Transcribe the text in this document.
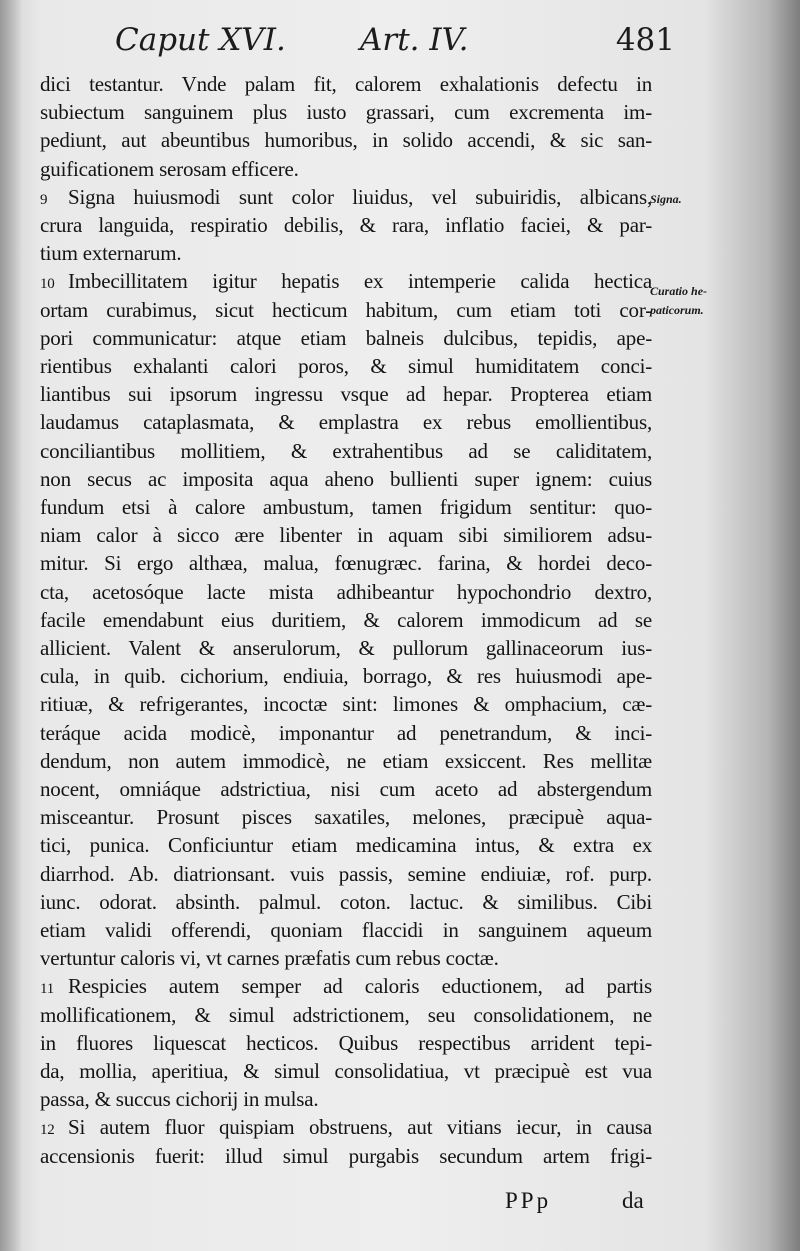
Caput XVI. Art. IV.	481
dici testantur. Vnde palam fit, calorem exhalationis defectu in
subiectum sanguinem plus iusto grassari, cum excrementa im-
pediunt, aut abeuntibus humoribus, in solido accendi, & sic san-
guificationem serosam efficere.
9 Signa huiusmodi sunt color liuidus, vel subuiridis, albicans,
crura languida, respiratio debilis, & rara, inflatio faciei, & par-
tium externarum.
10 Imbecillitatem igitur hepatis ex intemperie calida hectica
ortam curabimus, sicut hecticum habitum, cum etiam toti cor-
pori communicatur: atque etiam balneis dulcibus, tepidis, ape-
rientibus exhalanti calori poros, & simul humiditatem conci-
liantibus sui ipsorum ingressu vsque ad hepar. Propterea etiam
laudamus cataplasmata, & emplastra ex rebus emollientibus,
conciliantibus mollitiem, & extrahentibus ad se caliditatem,
non secus ac imposita aqua aheno bullienti super ignem: cuius
fundum etsi à calore ambustum, tamen frigidum sentitur: quo-
niam calor à sicco ære libenter in aquam sibi similiorem adsu-
mitur. Si ergo althæa, malua, fœnugræc. farina, & hordei deco-
cta, acetosóque lacte mista adhibeantur hypochondrio dextro,
facile emendabunt eius duritiem, & calorem immodicum ad se
allicient. Valent & anserulorum, & pullorum gallinaceorum ius-
cula, in quib. cichorium, endiuia, borrago, & res huiusmodi ape-
ritiuæ, & refrigerantes, incoctæ sint: limones & omphacium, cæ-
teráque acida modicè, imponantur ad penetrandum, & inci-
dendum, non autem immodicè, ne etiam exsiccent. Res mellitæ
nocent, omniáque adstrictiua, nisi cum aceto ad abstergendum
misceantur. Prosunt pisces saxatiles, melones, præcipuè aqua-
tici, punica. Conficiuntur etiam medicamina intus, & extra ex
diarrhod. Ab. diatrionsant. vuis passis, semine endiuiæ, rof. purp.
iunc. odorat. absinth. palmul. coton. lactuc. & similibus. Cibi
etiam validi offerendi, quoniam flaccidi in sanguinem aqueum
vertuntur caloris vi, vt carnes præfatis cum rebus coctæ.
11 Respicies autem semper ad caloris eductionem, ad partis
mollificationem, & simul adstrictionem, seu consolidationem, ne
in fluores liquescat hecticos. Quibus respectibus arrident tepi-
da, mollia, aperitiua, & simul consolidatiua, vt præcipuè est vua
passa, & succus cichorij in mulsa.
12 Si autem fluor quispiam obstruens, aut vitians iecur, in causa
accensionis fuerit: illud simul purgabis secundum artem frigi-
Signa.
Curatio he-
paticorum.
PPp	da
